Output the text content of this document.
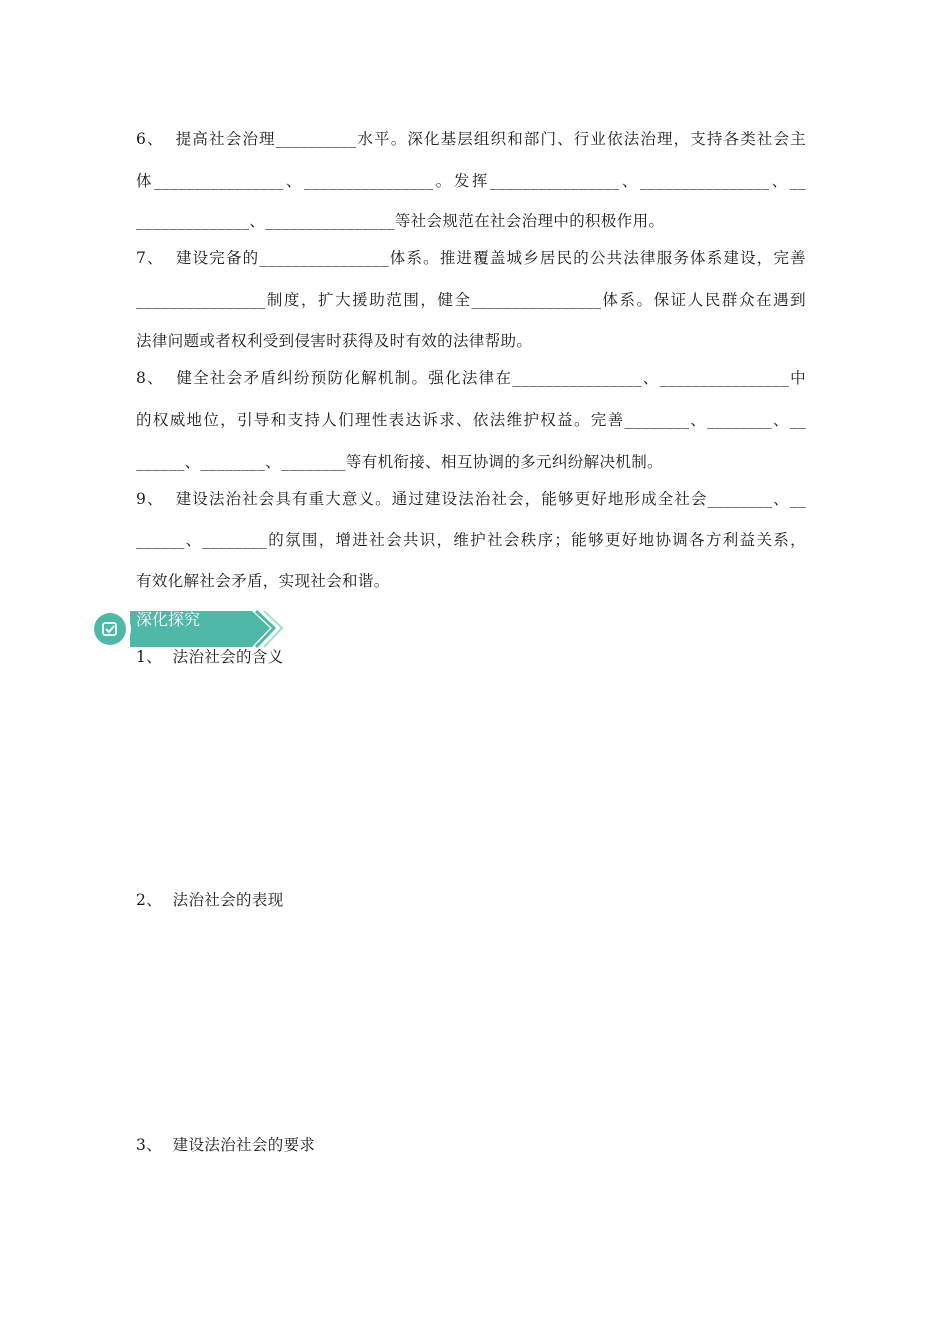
6、  提高社会治理__________水平。深化基层组织和部门、行业依法治理，支持各类社会主
体________________、________________。发挥________________、________________、__
______________、________________等社会规范在社会治理中的积极作用。
7、  建设完备的________________体系。推进覆盖城乡居民的公共法律服务体系建设，完善
________________制度，扩大援助范围，健全________________体系。保证人民群众在遇到
法律问题或者权利受到侵害时获得及时有效的法律帮助。
8、  健全社会矛盾纠纷预防化解机制。强化法律在________________、________________中
的权威地位，引导和支持人们理性表达诉求、依法维护权益。完善________、________、__
______、________、________等有机衔接、相互协调的多元纠纷解决机制。
9、  建设法治社会具有重大意义。通过建设法治社会，能够更好地形成全社会________、__
______、________的氛围，增进社会共识，维护社会秩序；能够更好地协调各方利益关系，
有效化解社会矛盾，实现社会和谐。
深化探究
1、  法治社会的含义
2、  法治社会的表现
3、  建设法治社会的要求
